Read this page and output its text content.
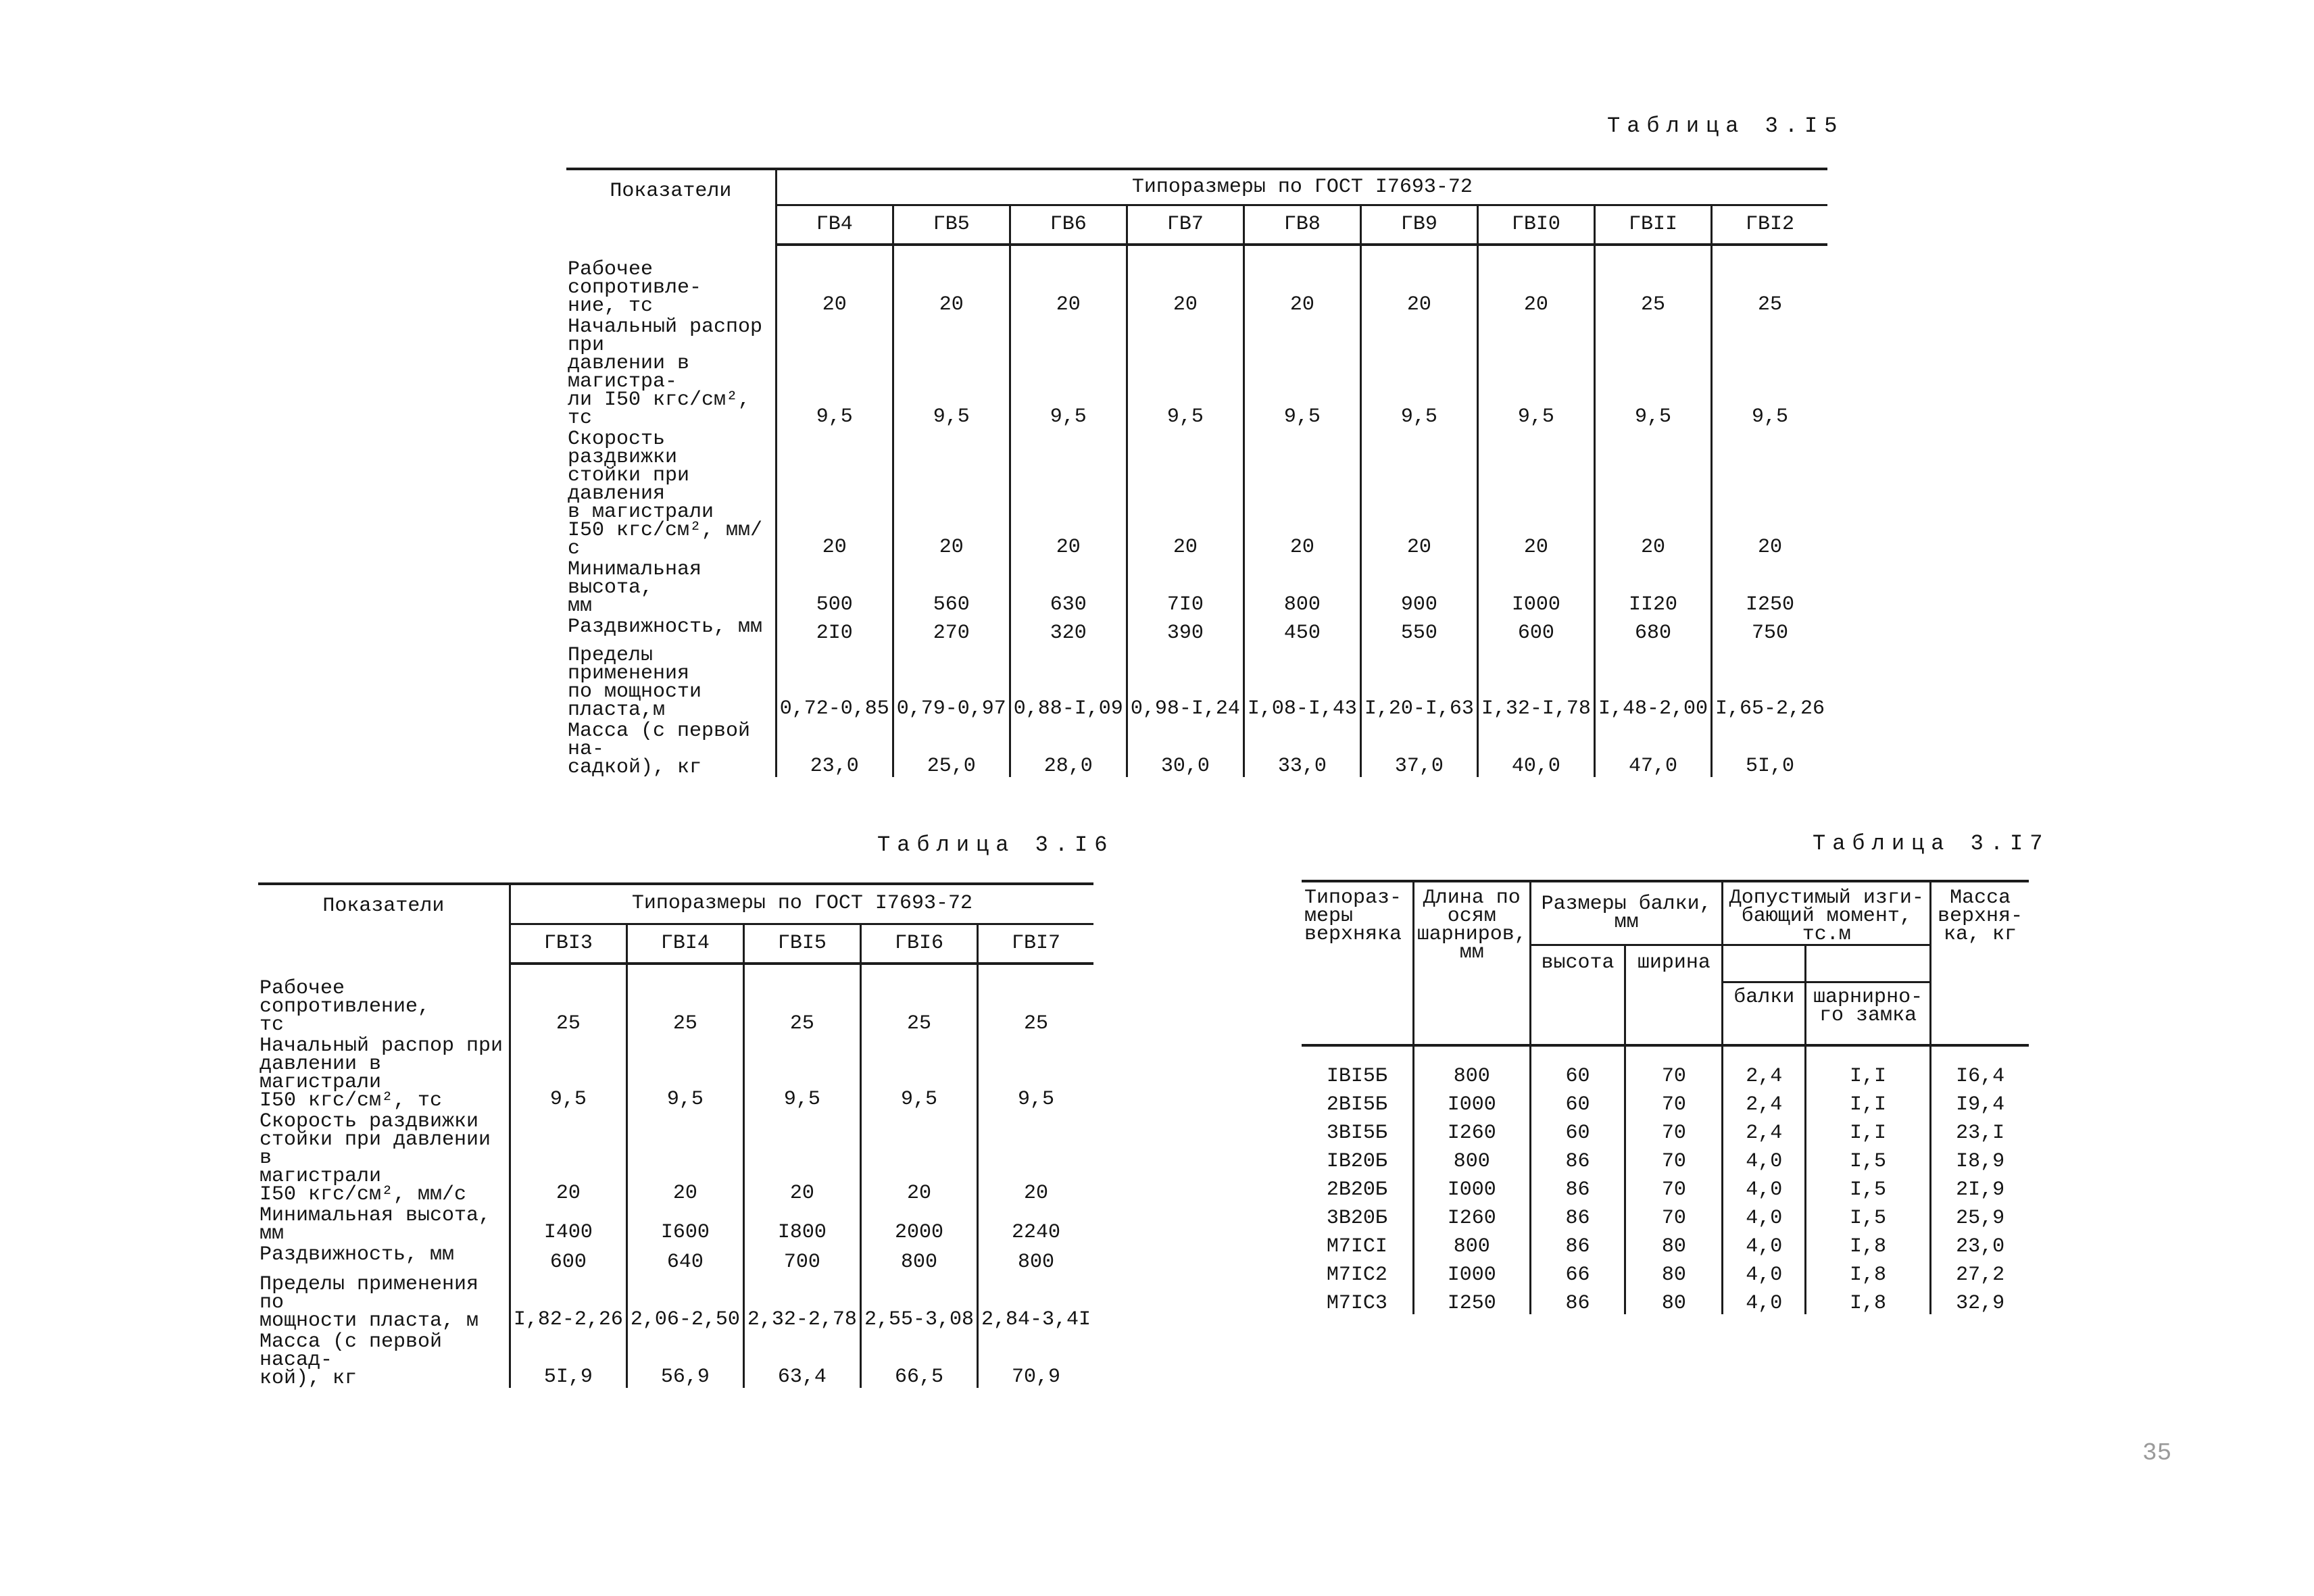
Таблица 3.I5
Показатели	Типоразмеры по ГОСТ I7693-72								
	ГВ4	ГВ5	ГВ6	ГВ7	ГВ8	ГВ9	ГВI0	ГВII	ГВI2

Рабочее сопротивле-
ние, тс	20	20	20	20	20	20	20	25	25
Начальный распор при
давлении в магистра-
ли I50 кгс/см², тс	9,5	9,5	9,5	9,5	9,5	9,5	9,5	9,5	9,5
Скорость раздвижки
стойки при давления
в магистрали
I50 кгс/см², мм/с	20	20	20	20	20	20	20	20	20
Минимальная высота,
мм	500	560	630	7I0	800	900	I000	II20	I250
Раздвижность, мм	2I0	270	320	390	450	550	600	680	750
Пределы применения
по мощности пласта,м	0,72-0,85	0,79-0,97	0,88-I,09	0,98-I,24	I,08-I,43	I,20-I,63	I,32-I,78	I,48-2,00	I,65-2,26
Масса (с первой на-
садкой), кг	23,0	25,0	28,0	30,0	33,0	37,0	40,0	47,0	5I,0
Таблица 3.I6
Показатели	Типоразмеры по ГОСТ I7693-72				
	ГВI3	ГВI4	ГВI5	ГВI6	ГВI7

Рабочее сопротивление,
тс	25	25	25	25	25
Начальный распор при
давлении в магистрали
I50 кгс/см², тс	9,5	9,5	9,5	9,5	9,5
Скорость раздвижки
стойки при давлении в
магистрали
I50 кгс/см², мм/с	20	20	20	20	20
Минимальная высота, мм	I400	I600	I800	2000	2240
Раздвижность, мм	600	640	700	800	800
Пределы применения по
мощности пласта, м	I,82-2,26	2,06-2,50	2,32-2,78	2,55-3,08	2,84-3,4I
Масса (с первой насад-
кой), кг	5I,9	56,9	63,4	66,5	70,9
Таблица 3.I7
Типораз-
меры
верхняка	Длина по
осям
шарниров,
мм	Размеры балки, мм		Допустимый изги-
бающий момент,
тс.м		Масса
верхня-
ка, кг
		высота	ширина			
				балки	шарнирно-
го замка	

IВI5Б	800	60	70	2,4	I,I	I6,4
2ВI5Б	I000	60	70	2,4	I,I	I9,4
3ВI5Б	I260	60	70	2,4	I,I	23,I
IВ20Б	800	86	70	4,0	I,5	I8,9
2В20Б	I000	86	70	4,0	I,5	2I,9
3В20Б	I260	86	70	4,0	I,5	25,9
М7IСI	800	86	80	4,0	I,8	23,0
М7IС2	I000	66	80	4,0	I,8	27,2
М7IС3	I250	86	80	4,0	I,8	32,9
35
